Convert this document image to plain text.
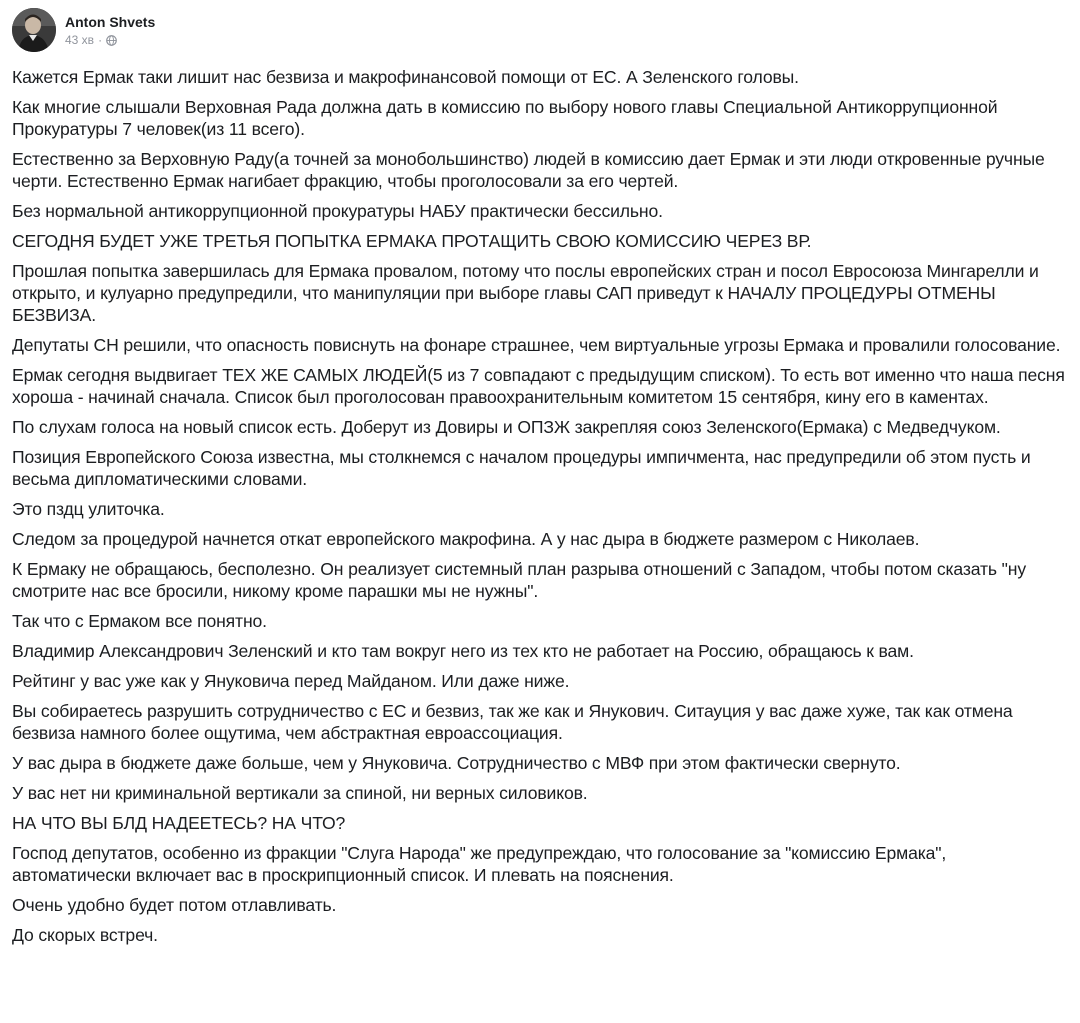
Anton Shvets
43 хв ·

Кажется Ермак таки лишит нас безвиза и макрофинансовой помощи от ЕС. А Зеленского головы.

Как многие слышали Верховная Рада должна дать в комиссию по выбору нового главы Специальной Антикоррупционной Прокуратуры 7 человек(из 11 всего).

Естественно за Верховную Раду(а точней за монобольшинство) людей в комиссию дает Ермак и эти люди откровенные ручные черти. Естественно Ермак нагибает фракцию, чтобы проголосовали за его чертей.

Без нормальной антикоррупционной прокуратуры НАБУ практически бессильно.

СЕГОДНЯ БУДЕТ УЖЕ ТРЕТЬЯ ПОПЫТКА ЕРМАКА ПРОТАЩИТЬ СВОЮ КОМИССИЮ ЧЕРЕЗ ВР.

Прошлая попытка завершилась для Ермака провалом, потому что послы европейских стран и посол Евросоюза Мингарелли и открыто, и кулуарно предупредили, что манипуляции при выборе главы САП приведут к НАЧАЛУ ПРОЦЕДУРЫ ОТМЕНЫ БЕЗВИЗА.

Депутаты СН решили, что опасность повиснуть на фонаре страшнее, чем виртуальные угрозы Ермака и провалили голосование.

Ермак сегодня выдвигает ТЕХ ЖЕ САМЫХ ЛЮДЕЙ(5 из 7 совпадают с предыдущим списком). То есть вот именно что наша песня хороша - начинай сначала. Список был проголосован правоохранительным комитетом 15 сентября, кину его в каментах.

По слухам голоса на новый список есть. Доберут из Довиры и ОПЗЖ закрепляя союз Зеленского(Ермака) с Медведчуком.

Позиция Европейского Союза известна, мы столкнемся с началом процедуры импичмента, нас предупредили об этом пусть и весьма дипломатическими словами.

Это пздц улиточка.

Следом за процедурой начнется откат европейского макрофина. А у нас дыра в бюджете размером с Николаев.

К Ермаку не обращаюсь, бесполезно. Он реализует системный план разрыва отношений с Западом, чтобы потом сказать "ну смотрите нас все бросили, никому кроме парашки мы не нужны".

Так что с Ермаком все понятно.

Владимир Александрович Зеленский и кто там вокруг него из тех кто не работает на Россию, обращаюсь к вам.

Рейтинг у вас уже как у Януковича перед Майданом. Или даже ниже.

Вы собираетесь разрушить сотрудничество с ЕС и безвиз, так же как и Янукович. Ситауция у вас даже хуже, так как отмена безвиза намного более ощутима, чем абстрактная евроассоциация.

У вас дыра в бюджете даже больше, чем у Януковича. Сотрудничество с МВФ при этом фактически свернуто.

У вас нет ни криминальной вертикали за спиной, ни верных силовиков.

НА ЧТО ВЫ БЛД НАДЕЕТЕСЬ? НА ЧТО?

Господ депутатов, особенно из фракции "Слуга Народа" же предупреждаю, что голосование за "комиссию Ермака", автоматически включает вас в проскрипционный список. И плевать на пояснения.

Очень удобно будет потом отлавливать.

До скорых встреч.
